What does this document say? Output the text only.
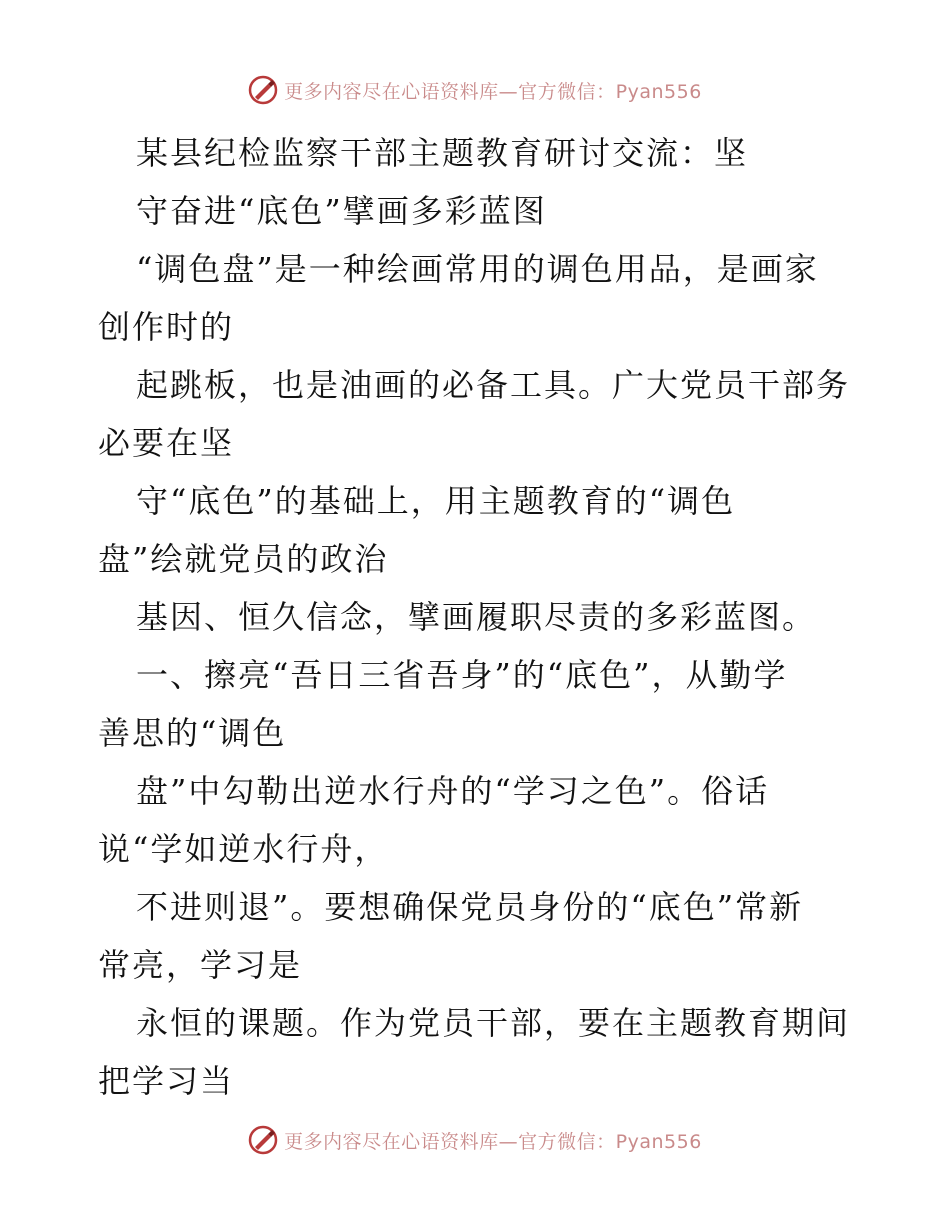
更多内容尽在心语资料库—官方微信：Pyan556
某县纪检监察干部主题教育研讨交流：坚
守奋进“底色”擘画多彩蓝图
“调色盘”是一种绘画常用的调色用品，是画家
创作时的
起跳板，也是油画的必备工具。广大党员干部务
必要在坚
守“底色”的基础上，用主题教育的“调色
盘”绘就党员的政治
基因、恒久信念，擘画履职尽责的多彩蓝图。
一、擦亮“吾日三省吾身”的“底色”，从勤学
善思的“调色
盘”中勾勒出逆水行舟的“学习之色”。俗话
说“学如逆水行舟，
不进则退”。要想确保党员身份的“底色”常新
常亮，学习是
永恒的课题。作为党员干部，要在主题教育期间
把学习当
更多内容尽在心语资料库—官方微信：Pyan556
